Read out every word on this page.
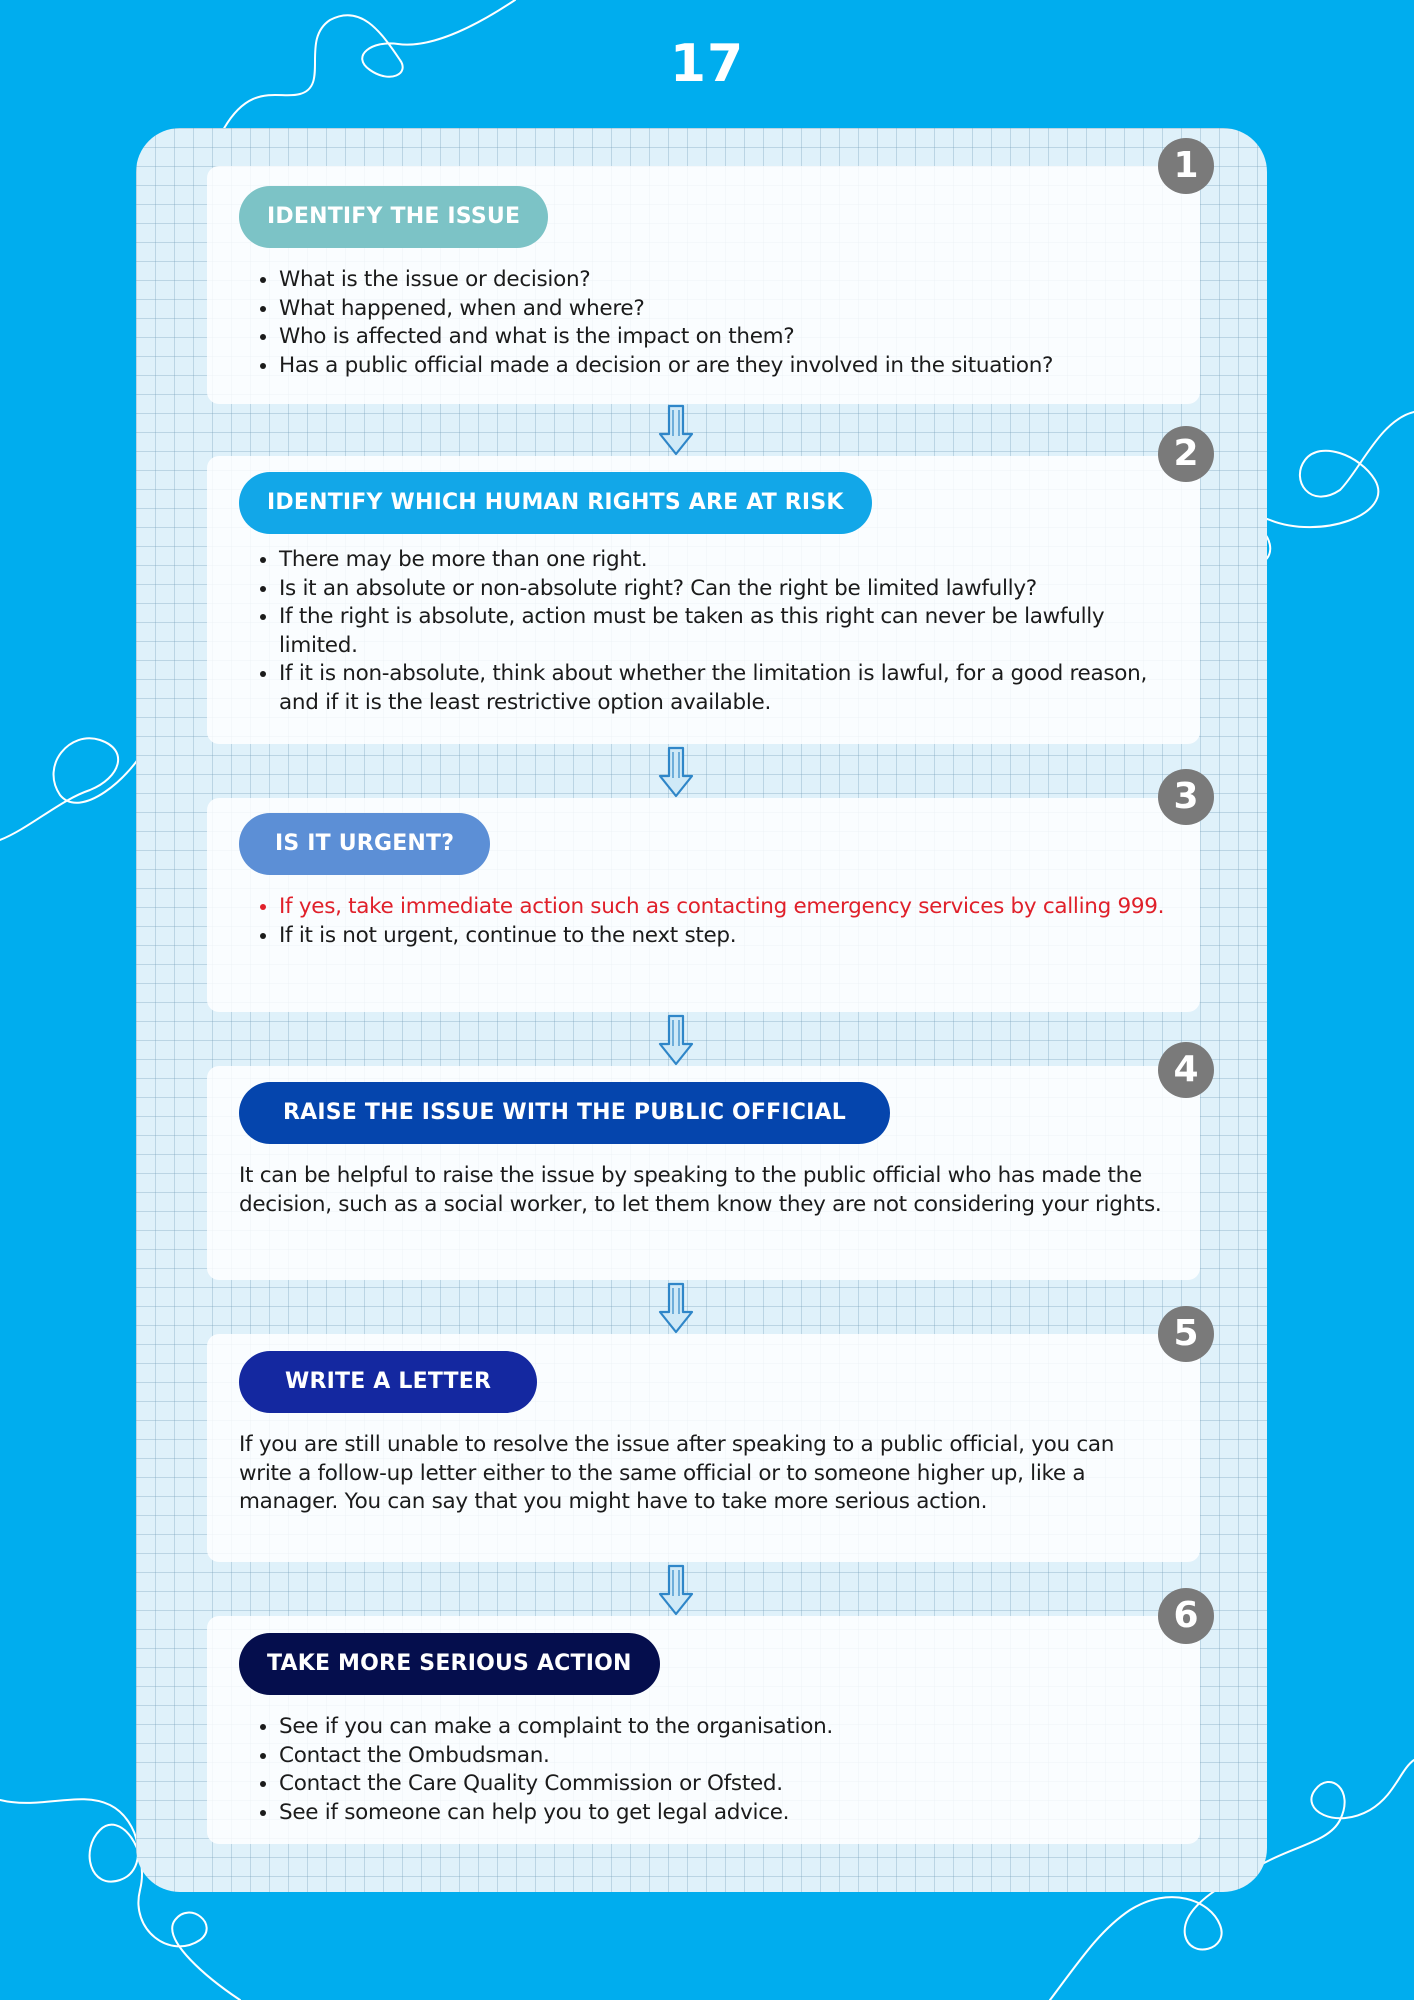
17
IDENTIFY THE ISSUE
• What is the issue or decision?
• What happened, when and where?
• Who is affected and what is the impact on them?
• Has a public official made a decision or are they involved in the situation?
1
IDENTIFY WHICH HUMAN RIGHTS ARE AT RISK
• There may be more than one right.
• Is it an absolute or non-absolute right? Can the right be limited lawfully?
• If the right is absolute, action must be taken as this right can never be lawfully limited.
• If it is non-absolute, think about whether the limitation is lawful, for a good reason, and if it is the least restrictive option available.
2
IS IT URGENT?
• If yes, take immediate action such as contacting emergency services by calling 999.
• If it is not urgent, continue to the next step.
3
RAISE THE ISSUE WITH THE PUBLIC OFFICIAL

It can be helpful to raise the issue by speaking to the public official who has made the decision, such as a social worker, to let them know they are not considering your rights.

4
WRITE A LETTER

If you are still unable to resolve the issue after speaking to a public official, you can write a follow-up letter either to the same official or to someone higher up, like a manager. You can say that you might have to take more serious action.

5
TAKE MORE SERIOUS ACTION
• See if you can make a complaint to the organisation.
• Contact the Ombudsman.
• Contact the Care Quality Commission or Ofsted.
• See if someone can help you to get legal advice.
6
